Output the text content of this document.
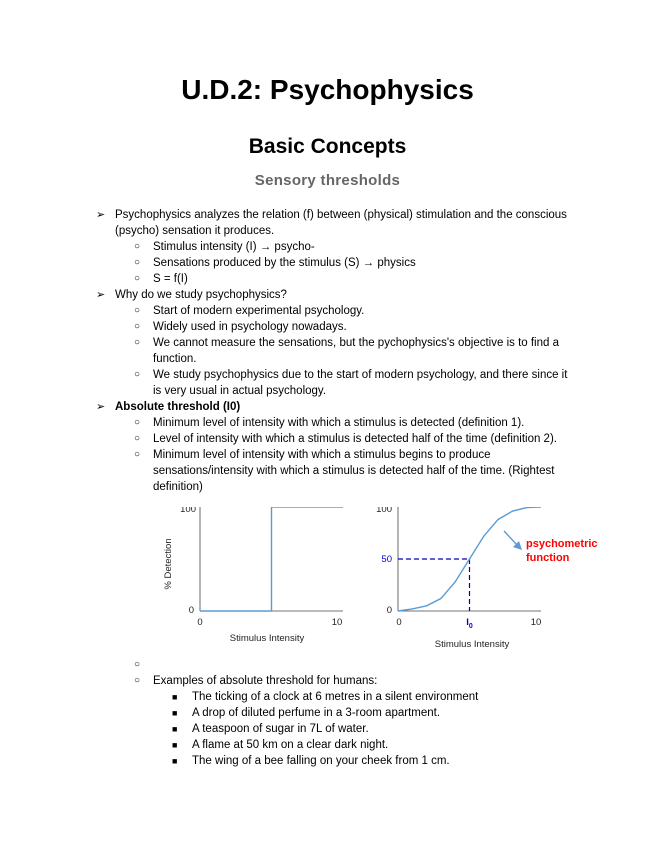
U.D.2: Psychophysics
Basic Concepts
Sensory thresholds
➢ Psychophysics analyzes the relation (f) between (physical) stimulation and the conscious (psycho) sensation it produces.
○ Stimulus intensity (I) → psycho-
○ Sensations produced by the stimulus (S) → physics
○ S = f(I)
➢ Why do we study psychophysics?
○ Start of modern experimental psychology.
○ Widely used in psychology nowadays.
○ We cannot measure the sensations, but the pychophysics's objective is to find a function.
○ We study psychophysics due to the start of modern psychology, and there since it is very usual in actual psychology.
➢ Absolute threshold (I0)
○ Minimum level of intensity with which a stimulus is detected (definition 1).
○ Level of intensity with which a stimulus is detected half of the time (definition 2).
○ Minimum level of intensity with which a stimulus begins to produce sensations/intensity with which a stimulus is detected half of the time. (Rightest definition)
100
0
0	10
Stimulus Intensity
% Detection
100
0
0	10
Stimulus Intensity
50
$I_0$
psychometric
function
○
○ Examples of absolute threshold for humans:
■ The ticking of a clock at 6 metres in a silent environment
■ A drop of diluted perfume in a 3-room apartment.
■ A teaspoon of sugar in 7L of water.
■ A flame at 50 km on a clear dark night.
■ The wing of a bee falling on your cheek from 1 cm.
